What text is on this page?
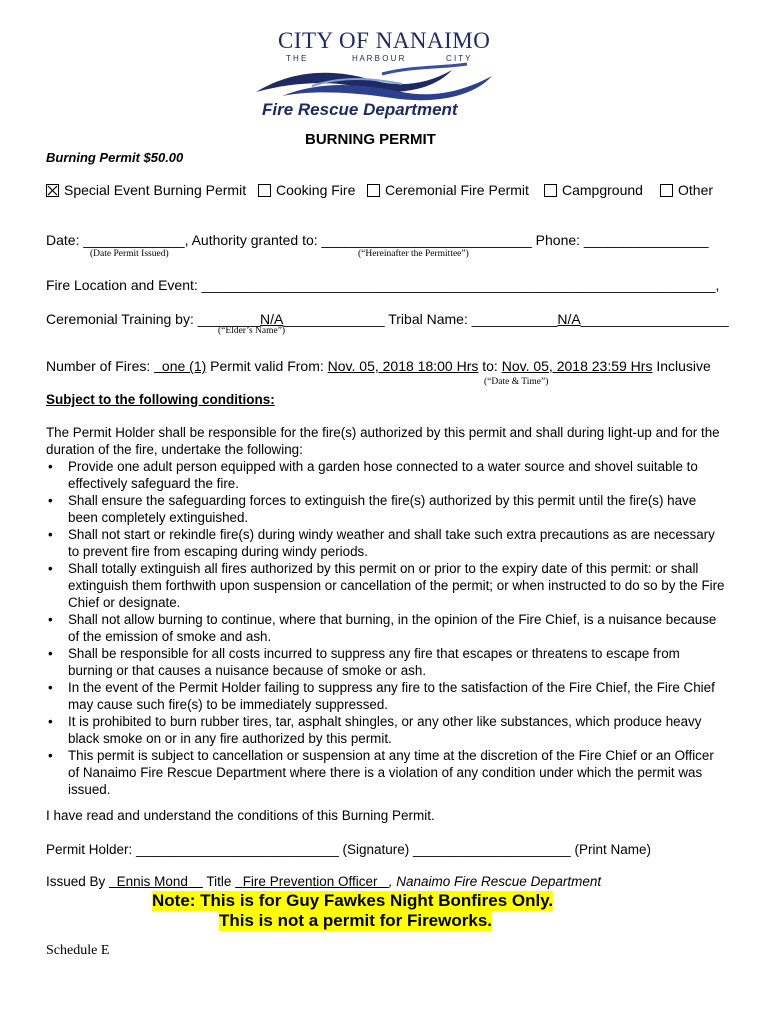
CITY OF NANAIMO
T H E	H A R B O U R	C I T Y
Fire Rescue Department
BURNING PERMIT
Burning Permit $50.00
Special Event Burning Permit	Cooking Fire	Ceremonial Fire Permit	Campground	Other
Date: _____________, Authority granted to: ___________________________ Phone: ________________
(Date Permit Issued)	(“Hereinafter the Permittee”)
Fire Location and Event: __________________________________________________________________,
Ceremonial Training by: ________N/A_____________ Tribal Name: ___________N/A___________________
(“Elder’s Name”)
Number of Fires: one (1) Permit valid From: Nov. 05, 2018 18:00 Hrs to: Nov. 05, 2018 23:59 Hrs Inclusive
(“Date & Time”)
Subject to the following conditions:
The Permit Holder shall be responsible for the fire(s) authorized by this permit and shall during light-up and for the duration of the fire, undertake the following:
• Provide one adult person equipped with a garden hose connected to a water source and shovel suitable to effectively safeguard the fire.
• Shall ensure the safeguarding forces to extinguish the fire(s) authorized by this permit until the fire(s) have been completely extinguished.
• Shall not start or rekindle fire(s) during windy weather and shall take such extra precautions as are necessary to prevent fire from escaping during windy periods.
• Shall totally extinguish all fires authorized by this permit on or prior to the expiry date of this permit: or shall extinguish them forthwith upon suspension or cancellation of the permit; or when instructed to do so by the Fire Chief or designate.
• Shall not allow burning to continue, where that burning, in the opinion of the Fire Chief, is a nuisance because of the emission of smoke and ash.
• Shall be responsible for all costs incurred to suppress any fire that escapes or threatens to escape from burning or that causes a nuisance because of smoke or ash.
• In the event of the Permit Holder failing to suppress any fire to the satisfaction of the Fire Chief, the Fire Chief may cause such fire(s) to be immediately suppressed.
• It is prohibited to burn rubber tires, tar, asphalt shingles, or any other like substances, which produce heavy black smoke on or in any fire authorized by this permit.
• This permit is subject to cancellation or suspension at any time at the discretion of the Fire Chief or an Officer of Nanaimo Fire Rescue Department where there is a violation of any condition under which the permit was issued.
I have read and understand the conditions of this Burning Permit.
Permit Holder: ___________________________ (Signature) _____________________ (Print Name)
Issued By Ennis Mond Title Fire Prevention Officer , Nanaimo Fire Rescue Department
Note: This is for Guy Fawkes Night Bonfires Only.
This is not a permit for Fireworks.
Schedule E
